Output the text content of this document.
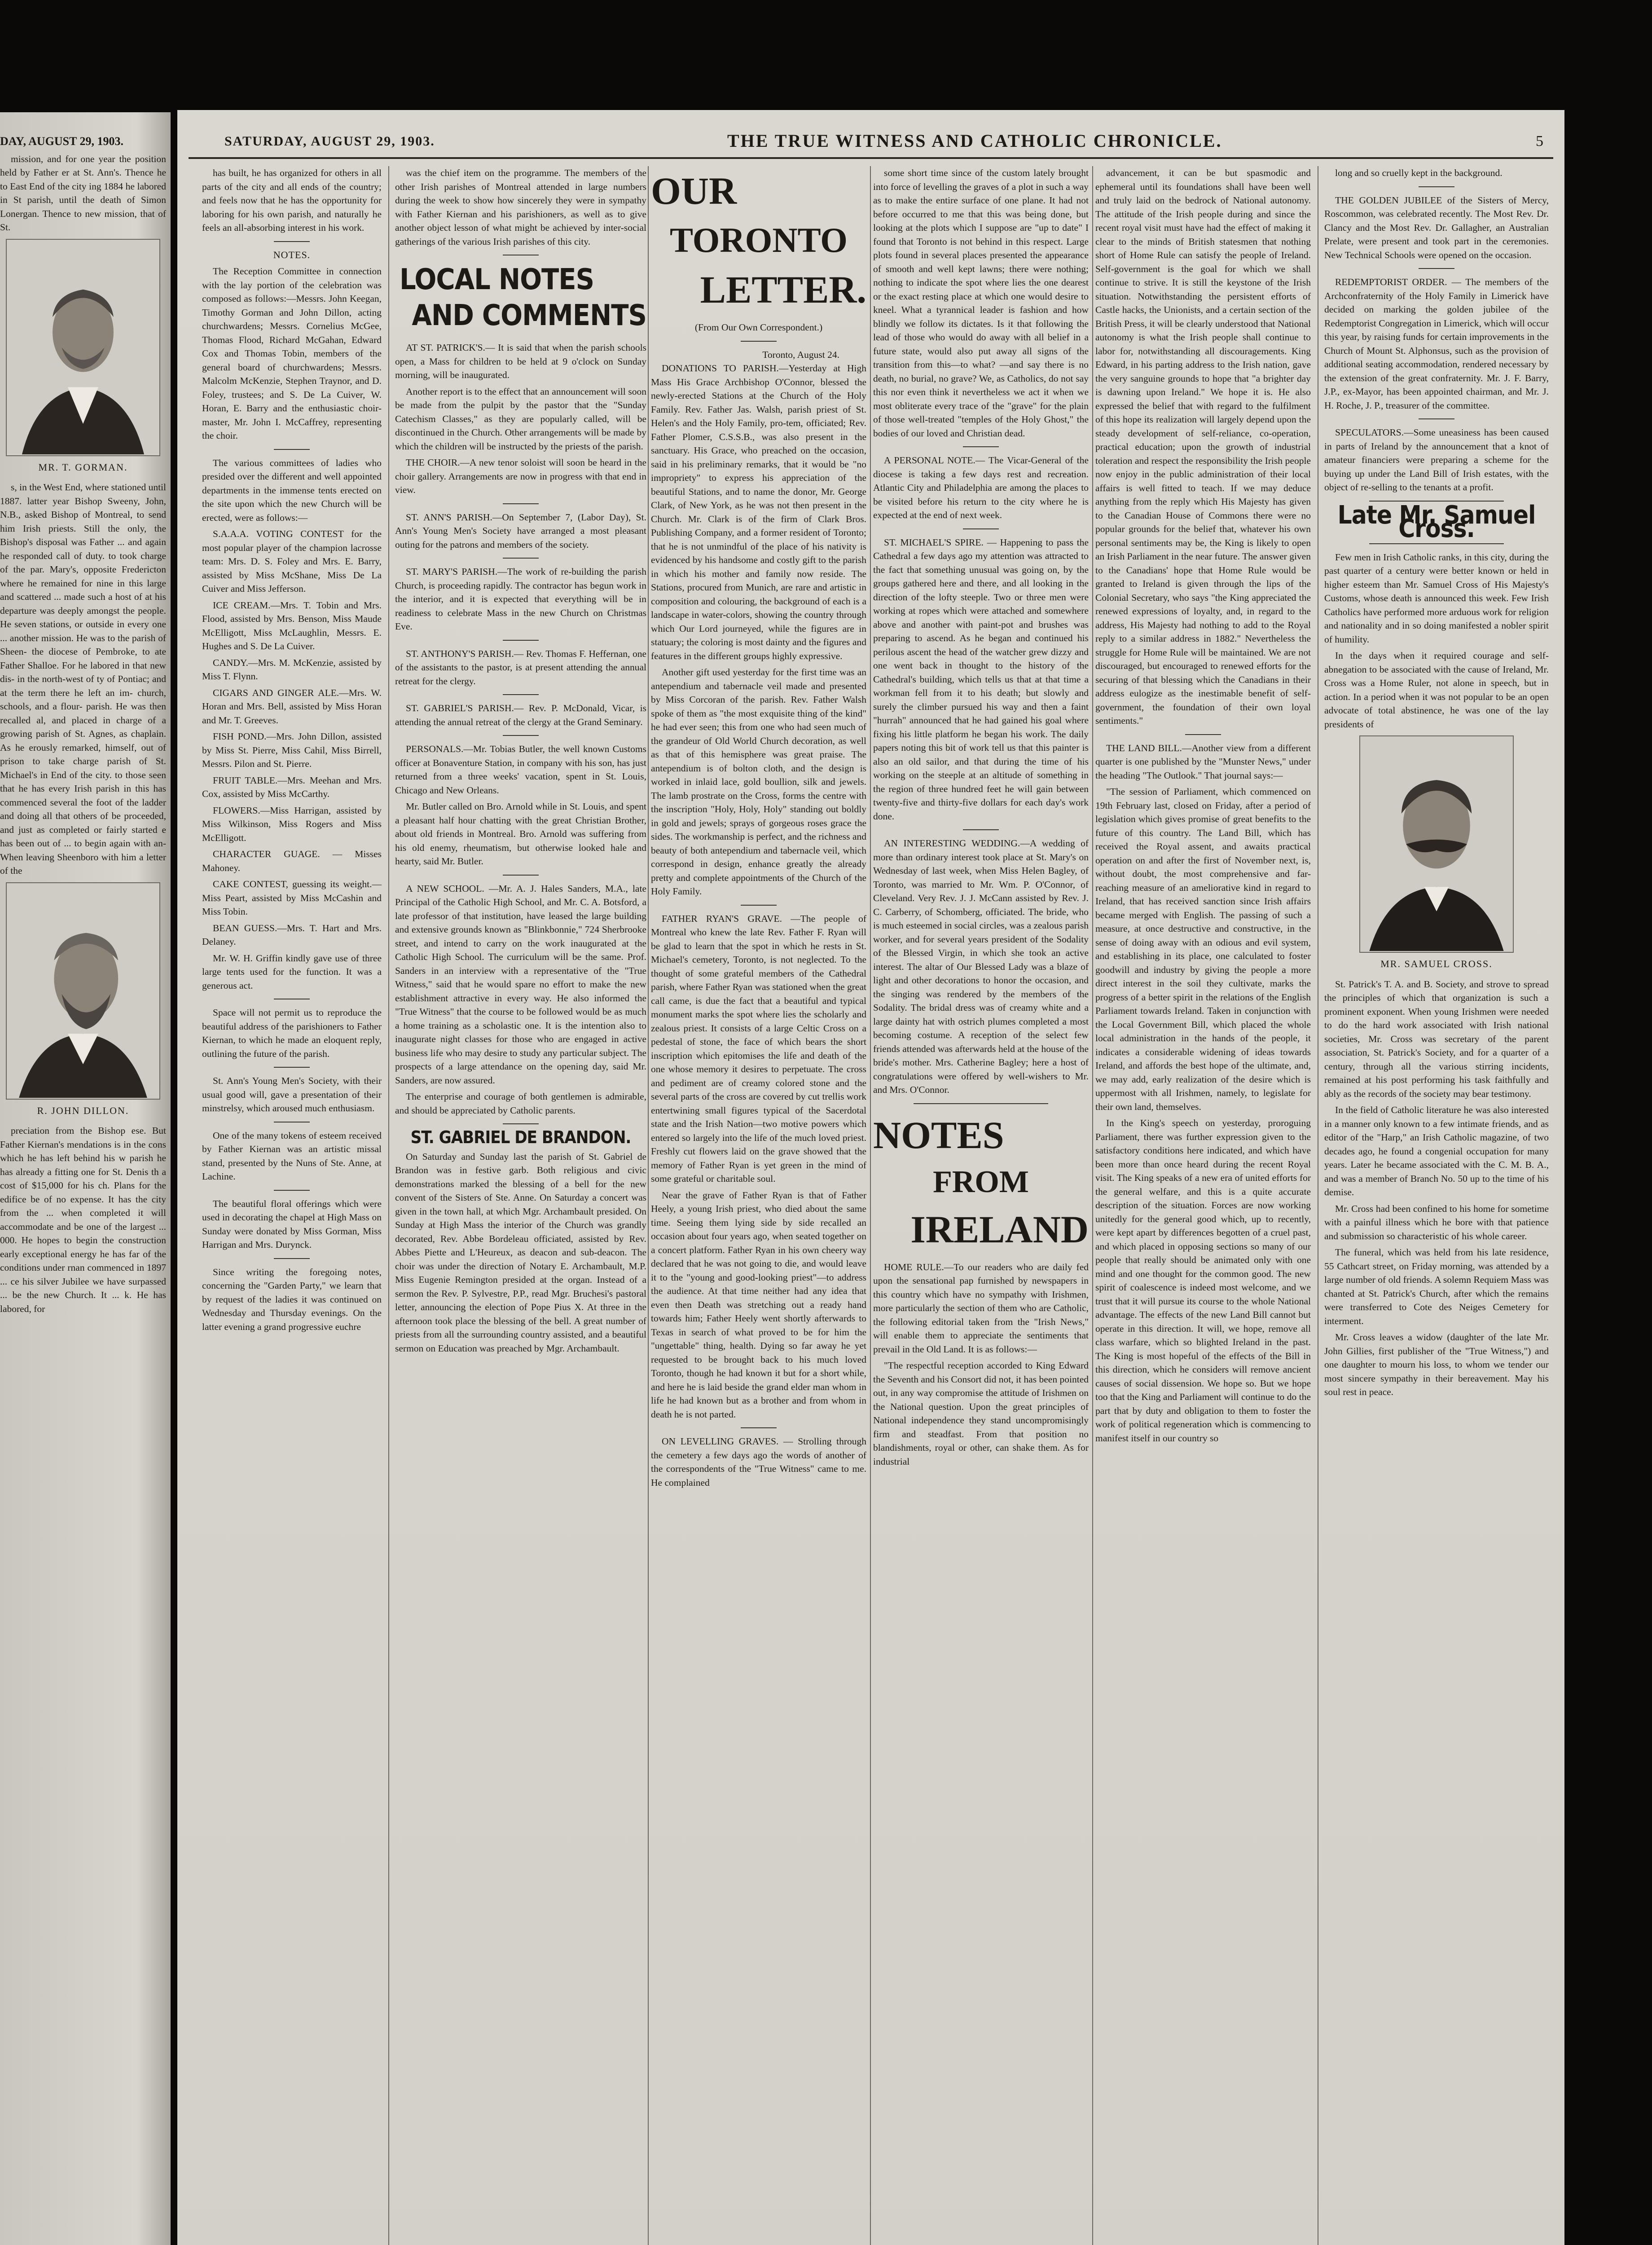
SATURDAY, AUGUST 29, 1903.	THE TRUE WITNESS AND CATHOLIC CHRONICLE.	5
DAY, AUGUST 29, 1903.

mission, and for one year the position held by Father er at St. Ann's. Thence he to East End of the city ing 1884 he labored in St parish, until the death of Simon Lonergan. Thence to new mission, that of St.

MR. T. GORMAN.

s, in the West End, where stationed until 1887. latter year Bishop Sweeny, John, N.B., asked Bishop of Montreal, to send him Irish priests. Still the only, the Bishop's disposal was Father ... and again he responded call of duty. to took charge of the par. Mary's, opposite Fredericton where he remained for nine in this large and scattered ... made such a host of at his departure was deeply amongst the people. He seven stations, or outside in every one ... another mission. He was to the parish of Sheen- the diocese of Pembroke, to ate Father Shalloe. For he labored in that new dis- in the north-west of ty of Pontiac; and at the term there he left an im- church, schools, and a flour- parish. He was then recalled al, and placed in charge of a growing parish of St. Agnes, as chaplain. As he erously remarked, himself, out of prison to take charge parish of St. Michael's in End of the city. to those seen that he has every Irish parish in this has commenced several the foot of the ladder and doing all that others of be proceeded, and just as completed or fairly started e has been out of ... to begin again with an- When leaving Sheenboro with him a letter of the

R. JOHN DILLON.

preciation from the Bishop ese. But Father Kiernan's mendations is in the cons which he has left behind his w parish he has already a fitting one for St. Denis th a cost of $15,000 for his ch. Plans for the edifice be of no expense. It has the city from the ... when completed it will accommodate and be one of the largest ... 000. He hopes to begin the construction early exceptional energy he has far of the conditions under rnan commenced in 1897 ... ce his silver Jubilee we have surpassed ... be the new Church. It ... k. He has labored, for

has built, he has organized for others in all parts of the city and all ends of the country; and feels now that he has the opportunity for laboring for his own parish, and naturally he feels an all-absorbing interest in his work.

NOTES.

The Reception Committee in connection with the lay portion of the celebration was composed as follows:—Messrs. John Keegan, Timothy Gorman and John Dillon, acting churchwardens; Messrs. Cornelius McGee, Thomas Flood, Richard McGahan, Edward Cox and Thomas Tobin, members of the general board of churchwardens; Messrs. Malcolm McKenzie, Stephen Traynor, and D. Foley, trustees; and S. De La Cuiver, W. Horan, E. Barry and the enthusiastic choir-master, Mr. John I. McCaffrey, representing the choir.

The various committees of ladies who presided over the different and well appointed departments in the immense tents erected on the site upon which the new Church will be erected, were as follows:—

S.A.A.A. VOTING CONTEST for the most popular player of the champion lacrosse team: Mrs. D. S. Foley and Mrs. E. Barry, assisted by Miss McShane, Miss De La Cuiver and Miss Jefferson.

ICE CREAM.—Mrs. T. Tobin and Mrs. Flood, assisted by Mrs. Benson, Miss Maude McElligott, Miss McLaughlin, Messrs. E. Hughes and S. De La Cuiver.

CANDY.—Mrs. M. McKenzie, assisted by Miss T. Flynn.

CIGARS AND GINGER ALE.—Mrs. W. Horan and Mrs. Bell, assisted by Miss Horan and Mr. T. Greeves.

FISH POND.—Mrs. John Dillon, assisted by Miss St. Pierre, Miss Cahil, Miss Birrell, Messrs. Pilon and St. Pierre.

FRUIT TABLE.—Mrs. Meehan and Mrs. Cox, assisted by Miss McCarthy.

FLOWERS.—Miss Harrigan, assisted by Miss Wilkinson, Miss Rogers and Miss McElligott.

CHARACTER GUAGE. — Misses Mahoney.

CAKE CONTEST, guessing its weight.—Miss Peart, assisted by Miss McCashin and Miss Tobin.

BEAN GUESS.—Mrs. T. Hart and Mrs. Delaney.

Mr. W. H. Griffin kindly gave use of three large tents used for the function. It was a generous act.

Space will not permit us to reproduce the beautiful address of the parishioners to Father Kiernan, to which he made an eloquent reply, outlining the future of the parish.

St. Ann's Young Men's Society, with their usual good will, gave a presentation of their minstrelsy, which aroused much enthusiasm.

One of the many tokens of esteem received by Father Kiernan was an artistic missal stand, presented by the Nuns of Ste. Anne, at Lachine.

The beautiful floral offerings which were used in decorating the chapel at High Mass on Sunday were donated by Miss Gorman, Miss Harrigan and Mrs. Durynck.

Since writing the foregoing notes, concerning the "Garden Party," we learn that by request of the ladies it was continued on Wednesday and Thursday evenings. On the latter evening a grand progressive euchre

was the chief item on the programme. The members of the other Irish parishes of Montreal attended in large numbers during the week to show how sincerely they were in sympathy with Father Kiernan and his parishioners, as well as to give another object lesson of what might be achieved by inter-social gatherings of the various Irish parishes of this city.

LOCAL NOTES
AND COMMENTS

AT ST. PATRICK'S.— It is said that when the parish schools open, a Mass for children to be held at 9 o'clock on Sunday morning, will be inaugurated.

Another report is to the effect that an announcement will soon be made from the pulpit by the pastor that the "Sunday Catechism Classes," as they are popularly called, will be discontinued in the Church. Other arrangements will be made by which the children will be instructed by the priests of the parish.

THE CHOIR.—A new tenor soloist will soon be heard in the choir gallery. Arrangements are now in progress with that end in view.

ST. ANN'S PARISH.—On September 7, (Labor Day), St. Ann's Young Men's Society have arranged a most pleasant outing for the patrons and members of the society.

ST. MARY'S PARISH.—The work of re-building the parish Church, is proceeding rapidly. The contractor has begun work in the interior, and it is expected that everything will be in readiness to celebrate Mass in the new Church on Christmas Eve.

ST. ANTHONY'S PARISH.— Rev. Thomas F. Heffernan, one of the assistants to the pastor, is at present attending the annual retreat for the clergy.

ST. GABRIEL'S PARISH.— Rev. P. McDonald, Vicar, is attending the annual retreat of the clergy at the Grand Seminary.

PERSONALS.—Mr. Tobias Butler, the well known Customs officer at Bonaventure Station, in company with his son, has just returned from a three weeks' vacation, spent in St. Louis, Chicago and New Orleans.

Mr. Butler called on Bro. Arnold while in St. Louis, and spent a pleasant half hour chatting with the great Christian Brother, about old friends in Montreal. Bro. Arnold was suffering from his old enemy, rheumatism, but otherwise looked hale and hearty, said Mr. Butler.

A NEW SCHOOL. —Mr. A. J. Hales Sanders, M.A., late Principal of the Catholic High School, and Mr. C. A. Botsford, a late professor of that institution, have leased the large building and extensive grounds known as "Blinkbonnie," 724 Sherbrooke street, and intend to carry on the work inaugurated at the Catholic High School. The curriculum will be the same. Prof. Sanders in an interview with a representative of the "True Witness," said that he would spare no effort to make the new establishment attractive in every way. He also informed the "True Witness" that the course to be followed would be as much a home training as a scholastic one. It is the intention also to inaugurate night classes for those who are engaged in active business life who may desire to study any particular subject. The prospects of a large attendance on the opening day, said Mr. Sanders, are now assured.

The enterprise and courage of both gentlemen is admirable, and should be appreciated by Catholic parents.

ST. GABRIEL DE BRANDON.

On Saturday and Sunday last the parish of St. Gabriel de Brandon was in festive garb. Both religious and civic demonstrations marked the blessing of a bell for the new convent of the Sisters of Ste. Anne. On Saturday a concert was given in the town hall, at which Mgr. Archambault presided. On Sunday at High Mass the interior of the Church was grandly decorated, Rev. Abbe Bordeleau officiated, assisted by Rev. Abbes Piette and L'Heureux, as deacon and sub-deacon. The choir was under the direction of Notary E. Archambault, M.P. Miss Eugenie Remington presided at the organ. Instead of a sermon the Rev. P. Sylvestre, P.P., read Mgr. Bruchesi's pastoral letter, announcing the election of Pope Pius X. At three in the afternoon took place the blessing of the bell. A great number of priests from all the surrounding country assisted, and a beautiful sermon on Education was preached by Mgr. Archambault.

OUR
TORONTO
LETTER.
(From Our Own Correspondent.)
Toronto, August 24.

DONATIONS TO PARISH.—Yesterday at High Mass His Grace Archbishop O'Connor, blessed the newly-erected Stations at the Church of the Holy Family. Rev. Father Jas. Walsh, parish priest of St. Helen's and the Holy Family, pro-tem, officiated; Rev. Father Plomer, C.S.S.B., was also present in the sanctuary. His Grace, who preached on the occasion, said in his preliminary remarks, that it would be "no impropriety" to express his appreciation of the beautiful Stations, and to name the donor, Mr. George Clark, of New York, as he was not then present in the Church. Mr. Clark is of the firm of Clark Bros. Publishing Company, and a former resident of Toronto; that he is not unmindful of the place of his nativity is evidenced by his handsome and costly gift to the parish in which his mother and family now reside. The Stations, procured from Munich, are rare and artistic in composition and colouring, the background of each is a landscape in water-colors, showing the country through which Our Lord journeyed, while the figures are in statuary; the coloring is most dainty and the figures and features in the different groups highly expressive.

Another gift used yesterday for the first time was an antependium and tabernacle veil made and presented by Miss Corcoran of the parish. Rev. Father Walsh spoke of them as "the most exquisite thing of the kind" he had ever seen; this from one who had seen much of the grandeur of Old World Church decoration, as well as that of this hemisphere was great praise. The antependium is of bolton cloth, and the design is worked in inlaid lace, gold boullion, silk and jewels. The lamb prostrate on the Cross, forms the centre with the inscription "Holy, Holy, Holy" standing out boldly in gold and jewels; sprays of gorgeous roses grace the sides. The workmanship is perfect, and the richness and beauty of both antependium and tabernacle veil, which correspond in design, enhance greatly the already pretty and complete appointments of the Church of the Holy Family.

FATHER RYAN'S GRAVE. —The people of Montreal who knew the late Rev. Father F. Ryan will be glad to learn that the spot in which he rests in St. Michael's cemetery, Toronto, is not neglected. To the thought of some grateful members of the Cathedral parish, where Father Ryan was stationed when the great call came, is due the fact that a beautiful and typical monument marks the spot where lies the scholarly and zealous priest. It consists of a large Celtic Cross on a pedestal of stone, the face of which bears the short inscription which epitomises the life and death of the one whose memory it desires to perpetuate. The cross and pediment are of creamy colored stone and the several parts of the cross are covered by cut trellis work entertwining small figures typical of the Sacerdotal state and the Irish Nation—two motive powers which entered so largely into the life of the much loved priest. Freshly cut flowers laid on the grave showed that the memory of Father Ryan is yet green in the mind of some grateful or charitable soul.

Near the grave of Father Ryan is that of Father Heely, a young Irish priest, who died about the same time. Seeing them lying side by side recalled an occasion about four years ago, when seated together on a concert platform. Father Ryan in his own cheery way declared that he was not going to die, and would leave it to the "young and good-looking priest"—to address the audience. At that time neither had any idea that even then Death was stretching out a ready hand towards him; Father Heely went shortly afterwards to Texas in search of what proved to be for him the "ungettable" thing, health. Dying so far away he yet requested to be brought back to his much loved Toronto, though he had known it but for a short while, and here he is laid beside the grand elder man whom in life he had known but as a brother and from whom in death he is not parted.

ON LEVELLING GRAVES. — Strolling through the cemetery a few days ago the words of another of the correspondents of the "True Witness" came to me. He complained

some short time since of the custom lately brought into force of levelling the graves of a plot in such a way as to make the entire surface of one plane. It had not before occurred to me that this was being done, but looking at the plots which I suppose are "up to date" I found that Toronto is not behind in this respect. Large plots found in several places presented the appearance of smooth and well kept lawns; there were nothing; nothing to indicate the spot where lies the one dearest or the exact resting place at which one would desire to kneel. What a tyrannical leader is fashion and how blindly we follow its dictates. Is it that following the lead of those who would do away with all belief in a future state, would also put away all signs of the transition from this—to what? —and say there is no death, no burial, no grave? We, as Catholics, do not say this nor even think it nevertheless we act it when we most obliterate every trace of the "grave" for the plain of those well-treated "temples of the Holy Ghost," the bodies of our loved and Christian dead.

A PERSONAL NOTE.— The Vicar-General of the diocese is taking a few days rest and recreation. Atlantic City and Philadelphia are among the places to be visited before his return to the city where he is expected at the end of next week.

ST. MICHAEL'S SPIRE. — Happening to pass the Cathedral a few days ago my attention was attracted to the fact that something unusual was going on, by the groups gathered here and there, and all looking in the direction of the lofty steeple. Two or three men were working at ropes which were attached and somewhere above and another with paint-pot and brushes was preparing to ascend. As he began and continued his perilous ascent the head of the watcher grew dizzy and one went back in thought to the history of the Cathedral's building, which tells us that at that time a workman fell from it to his death; but slowly and surely the climber pursued his way and then a faint "hurrah" announced that he had gained his goal where fixing his little platform he began his work. The daily papers noting this bit of work tell us that this painter is also an old sailor, and that during the time of his working on the steeple at an altitude of something in the region of three hundred feet he will gain between twenty-five and thirty-five dollars for each day's work done.

AN INTERESTING WEDDING.—A wedding of more than ordinary interest took place at St. Mary's on Wednesday of last week, when Miss Helen Bagley, of Toronto, was married to Mr. Wm. P. O'Connor, of Cleveland. Very Rev. J. J. McCann assisted by Rev. J. C. Carberry, of Schomberg, officiated. The bride, who is much esteemed in social circles, was a zealous parish worker, and for several years president of the Sodality of the Blessed Virgin, in which she took an active interest. The altar of Our Blessed Lady was a blaze of light and other decorations to honor the occasion, and the singing was rendered by the members of the Sodality. The bridal dress was of creamy white and a large dainty hat with ostrich plumes completed a most becoming costume. A reception of the select few friends attended was afterwards held at the house of the bride's mother. Mrs. Catherine Bagley; here a host of congratulations were offered by well-wishers to Mr. and Mrs. O'Connor.

NOTES
FROM
IRELAND

HOME RULE.—To our readers who are daily fed upon the sensational pap furnished by newspapers in this country which have no sympathy with Irishmen, more particularly the section of them who are Catholic, the following editorial taken from the "Irish News," will enable them to appreciate the sentiments that prevail in the Old Land. It is as follows:—

"The respectful reception accorded to King Edward the Seventh and his Consort did not, it has been pointed out, in any way compromise the attitude of Irishmen on the National question. Upon the great principles of National independence they stand uncompromisingly firm and steadfast. From that position no blandishments, royal or other, can shake them. As for industrial

advancement, it can be but spasmodic and ephemeral until its foundations shall have been well and truly laid on the bedrock of National autonomy. The attitude of the Irish people during and since the recent royal visit must have had the effect of making it clear to the minds of British statesmen that nothing short of Home Rule can satisfy the people of Ireland. Self-government is the goal for which we shall continue to strive. It is still the keystone of the Irish situation. Notwithstanding the persistent efforts of Castle hacks, the Unionists, and a certain section of the British Press, it will be clearly understood that National autonomy is what the Irish people shall continue to labor for, notwithstanding all discouragements. King Edward, in his parting address to the Irish nation, gave the very sanguine grounds to hope that "a brighter day is dawning upon Ireland." We hope it is. He also expressed the belief that with regard to the fulfilment of this hope its realization will largely depend upon the steady development of self-reliance, co-operation, practical education; upon the growth of industrial toleration and respect the responsibility the Irish people now enjoy in the public administration of their local affairs is well fitted to teach. If we may deduce anything from the reply which His Majesty has given to the Canadian House of Commons there were no popular grounds for the belief that, whatever his own personal sentiments may be, the King is likely to open an Irish Parliament in the near future. The answer given to the Canadians' hope that Home Rule would be granted to Ireland is given through the lips of the Colonial Secretary, who says "the King appreciated the renewed expressions of loyalty, and, in regard to the address, His Majesty had nothing to add to the Royal reply to a similar address in 1882." Nevertheless the struggle for Home Rule will be maintained. We are not discouraged, but encouraged to renewed efforts for the securing of that blessing which the Canadians in their address eulogize as the inestimable benefit of self-government, the foundation of their own loyal sentiments."

THE LAND BILL.—Another view from a different quarter is one published by the "Munster News," under the heading "The Outlook." That journal says:—

"The session of Parliament, which commenced on 19th February last, closed on Friday, after a period of legislation which gives promise of great benefits to the future of this country. The Land Bill, which has received the Royal assent, and awaits practical operation on and after the first of November next, is, without doubt, the most comprehensive and far-reaching measure of an ameliorative kind in regard to Ireland, that has received sanction since Irish affairs became merged with English. The passing of such a measure, at once destructive and constructive, in the sense of doing away with an odious and evil system, and establishing in its place, one calculated to foster goodwill and industry by giving the people a more direct interest in the soil they cultivate, marks the progress of a better spirit in the relations of the English Parliament towards Ireland. Taken in conjunction with the Local Government Bill, which placed the whole local administration in the hands of the people, it indicates a considerable widening of ideas towards Ireland, and affords the best hope of the ultimate, and, we may add, early realization of the desire which is uppermost with all Irishmen, namely, to legislate for their own land, themselves.

In the King's speech on yesterday, proroguing Parliament, there was further expression given to the satisfactory conditions here indicated, and which have been more than once heard during the recent Royal visit. The King speaks of a new era of united efforts for the general welfare, and this is a quite accurate description of the situation. Forces are now working unitedly for the general good which, up to recently, were kept apart by differences begotten of a cruel past, and which placed in opposing sections so many of our people that really should be animated only with one mind and one thought for the common good. The new spirit of coalescence is indeed most welcome, and we trust that it will pursue its course to the whole National advantage. The effects of the new Land Bill cannot but operate in this direction. It will, we hope, remove all class warfare, which so blighted Ireland in the past. The King is most hopeful of the effects of the Bill in this direction, which he considers will remove ancient causes of social dissension. We hope so. But we hope too that the King and Parliament will continue to do the part that by duty and obligation to them to foster the work of political regeneration which is commencing to manifest itself in our country so

long and so cruelly kept in the background.

THE GOLDEN JUBILEE of the Sisters of Mercy, Roscommon, was celebrated recently. The Most Rev. Dr. Clancy and the Most Rev. Dr. Gallagher, an Australian Prelate, were present and took part in the ceremonies. New Technical Schools were opened on the occasion.

REDEMPTORIST ORDER. — The members of the Archconfraternity of the Holy Family in Limerick have decided on marking the golden jubilee of the Redemptorist Congregation in Limerick, which will occur this year, by raising funds for certain improvements in the Church of Mount St. Alphonsus, such as the provision of additional seating accommodation, rendered necessary by the extension of the great confraternity. Mr. J. F. Barry, J.P., ex-Mayor, has been appointed chairman, and Mr. J. H. Roche, J. P., treasurer of the committee.

SPECULATORS.—Some uneasiness has been caused in parts of Ireland by the announcement that a knot of amateur financiers were preparing a scheme for the buying up under the Land Bill of Irish estates, with the object of re-selling to the tenants at a profit.

Late Mr. Samuel Cross.

Few men in Irish Catholic ranks, in this city, during the past quarter of a century were better known or held in higher esteem than Mr. Samuel Cross of His Majesty's Customs, whose death is announced this week. Few Irish Catholics have performed more arduous work for religion and nationality and in so doing manifested a nobler spirit of humility.

In the days when it required courage and self-abnegation to be associated with the cause of Ireland, Mr. Cross was a Home Ruler, not alone in speech, but in action. In a period when it was not popular to be an open advocate of total abstinence, he was one of the lay presidents of

MR. SAMUEL CROSS.

St. Patrick's T. A. and B. Society, and strove to spread the principles of which that organization is such a prominent exponent. When young Irishmen were needed to do the hard work associated with Irish national societies, Mr. Cross was secretary of the parent association, St. Patrick's Society, and for a quarter of a century, through all the various stirring incidents, remained at his post performing his task faithfully and ably as the records of the society may bear testimony.

In the field of Catholic literature he was also interested in a manner only known to a few intimate friends, and as editor of the "Harp," an Irish Catholic magazine, of two decades ago, he found a congenial occupation for many years. Later he became associated with the C. M. B. A., and was a member of Branch No. 50 up to the time of his demise.

Mr. Cross had been confined to his home for sometime with a painful illness which he bore with that patience and submission so characteristic of his whole career.

The funeral, which was held from his late residence, 55 Cathcart street, on Friday morning, was attended by a large number of old friends. A solemn Requiem Mass was chanted at St. Patrick's Church, after which the remains were transferred to Cote des Neiges Cemetery for interment.

Mr. Cross leaves a widow (daughter of the late Mr. John Gillies, first publisher of the "True Witness,") and one daughter to mourn his loss, to whom we tender our most sincere sympathy in their bereavement. May his soul rest in peace.
